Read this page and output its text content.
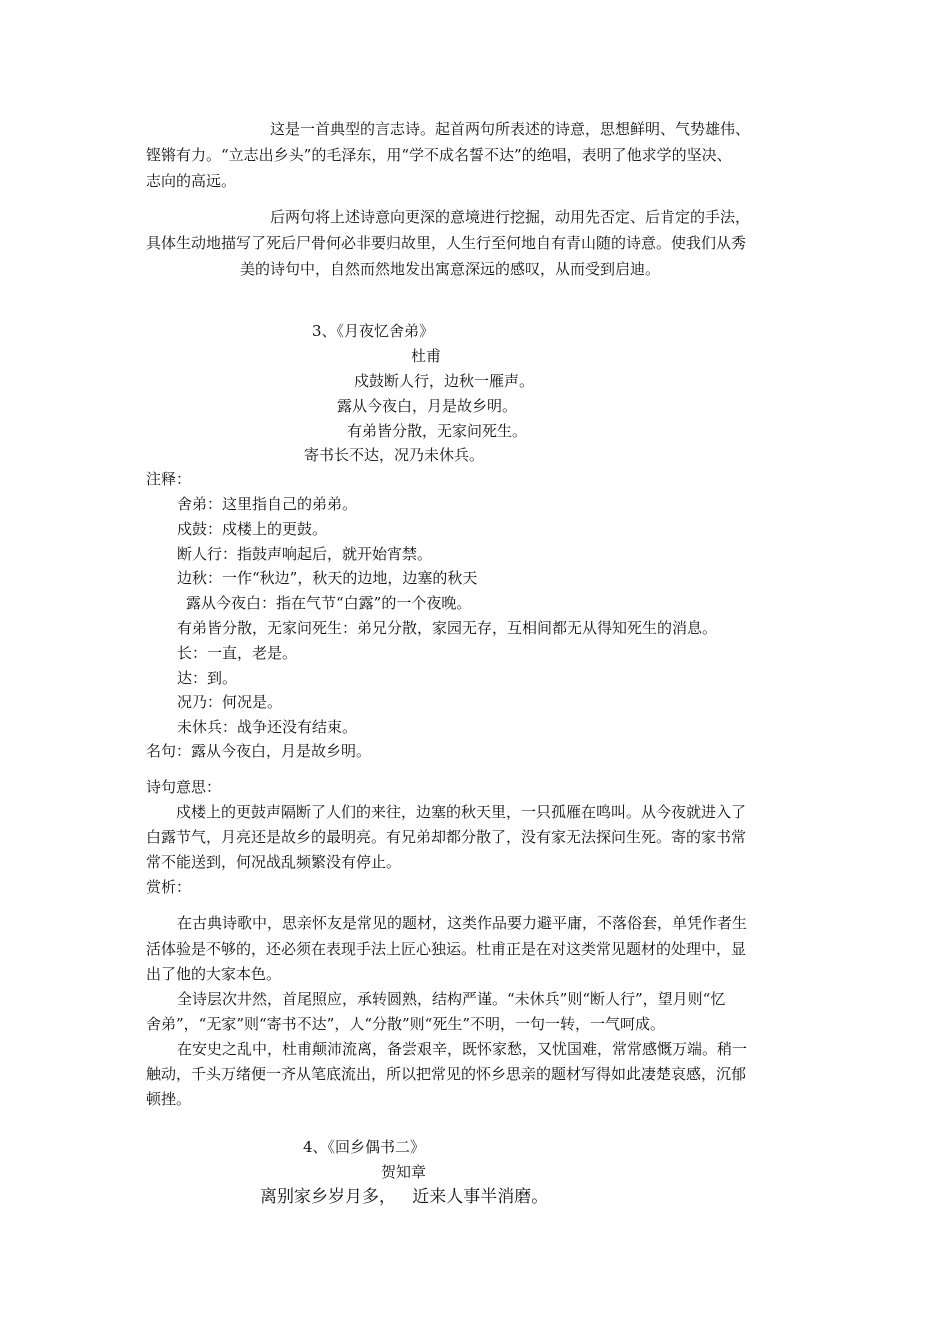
这是一首典型的言志诗。起首两句所表述的诗意，思想鲜明、气势雄伟、
铿锵有力。“立志出乡头”的毛泽东，用“学不成名誓不达”的绝唱，表明了他求学的坚决、
志向的高远。
后两句将上述诗意向更深的意境进行挖掘，动用先否定、后肯定的手法，
具体生动地描写了死后尸骨何必非要归故里，人生行至何地自有青山随的诗意。使我们从秀
美的诗句中，自然而然地发出寓意深远的感叹，从而受到启迪。
3、《月夜忆舍弟》
杜甫
戍鼓断人行，边秋一雁声。
露从今夜白，月是故乡明。
有弟皆分散，无家问死生。
寄书长不达，况乃未休兵。
注释：
舍弟：这里指自己的弟弟。
戍鼓：戍楼上的更鼓。
断人行：指鼓声响起后，就开始宵禁。
边秋：一作“秋边”，秋天的边地，边塞的秋天
露从今夜白：指在气节“白露”的一个夜晚。
有弟皆分散，无家问死生：弟兄分散，家园无存，互相间都无从得知死生的消息。
长：一直，老是。
达：到。
况乃：何况是。
未休兵：战争还没有结束。
名句：露从今夜白，月是故乡明。
诗句意思：
戍楼上的更鼓声隔断了人们的来往，边塞的秋天里，一只孤雁在鸣叫。从今夜就进入了
白露节气，月亮还是故乡的最明亮。有兄弟却都分散了，没有家无法探问生死。寄的家书常
常不能送到，何况战乱频繁没有停止。
赏析：
在古典诗歌中，思亲怀友是常见的题材，这类作品要力避平庸，不落俗套，单凭作者生
活体验是不够的，还必须在表现手法上匠心独运。杜甫正是在对这类常见题材的处理中，显
出了他的大家本色。
全诗层次井然，首尾照应，承转圆熟，结构严谨。“未休兵”则“断人行”，望月则“忆
舍弟”，“无家”则“寄书不达”，人“分散”则“死生”不明，一句一转，一气呵成。
在安史之乱中，杜甫颠沛流离，备尝艰辛，既怀家愁，又忧国难，常常感慨万端。稍一
触动，千头万绪便一齐从笔底流出，所以把常见的怀乡思亲的题材写得如此凄楚哀感，沉郁
顿挫。
4、《回乡偶书二》
贺知章
离别家乡岁月多，   近来人事半消磨。
